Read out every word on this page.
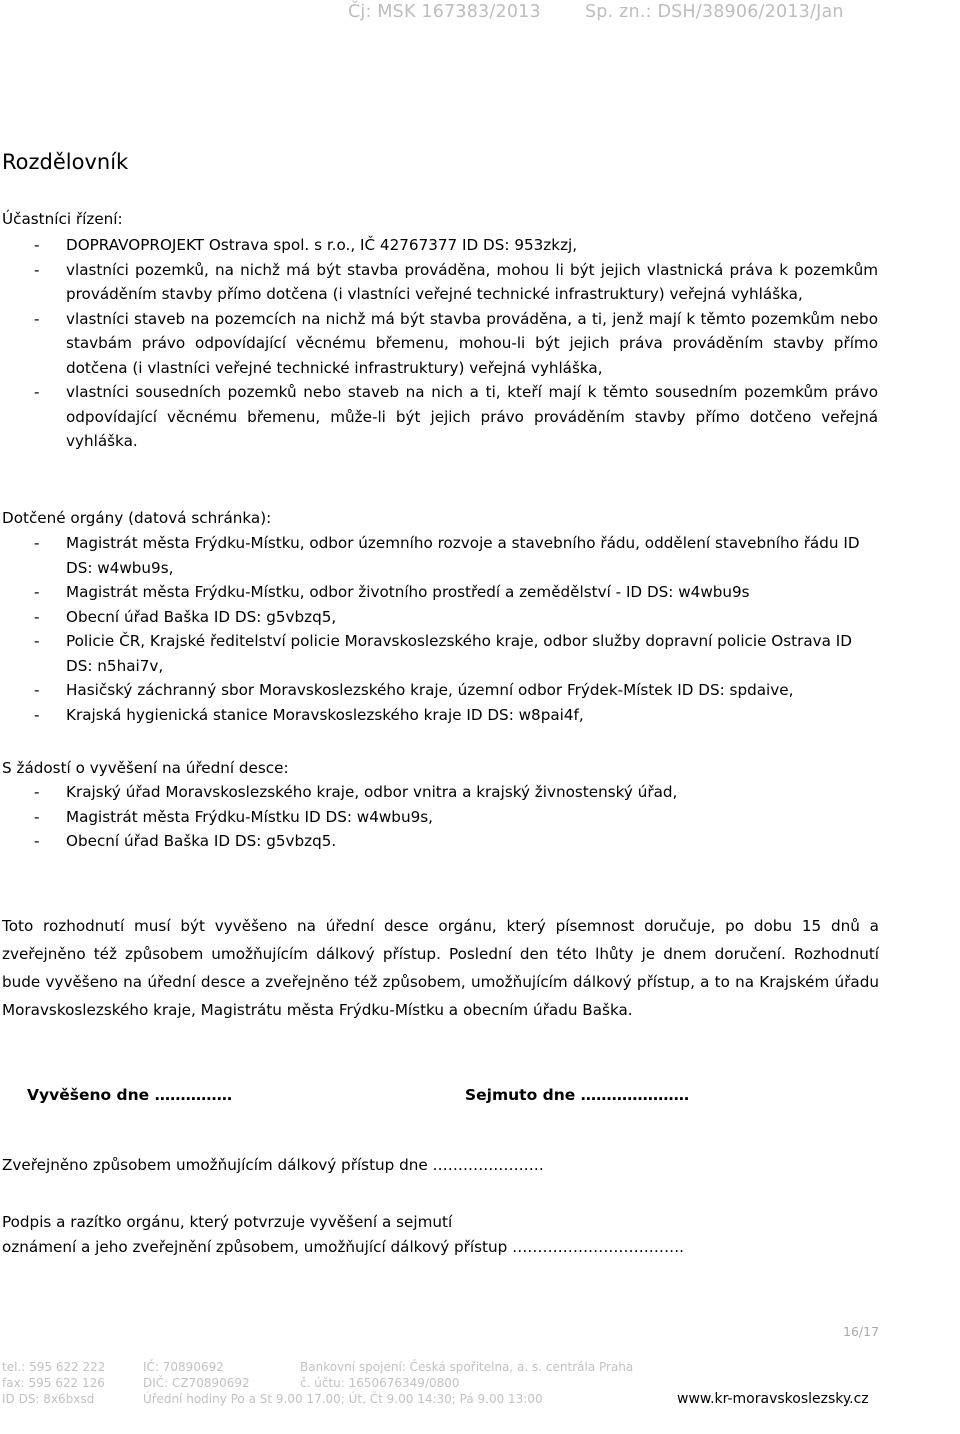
Čj: MSK 167383/2013	Sp. zn.: DSH/38906/2013/Jan
Rozdělovník

Účastníci řízení:

- DOPRAVOPROJEKT Ostrava spol. s r.o., IČ 42767377 ID DS: 953zkzj,
- vlastníci pozemků, na nichž má být stavba prováděna, mohou li být jejich vlastnická práva k pozemkům prováděním stavby přímo dotčena (i vlastníci veřejné technické infrastruktury) veřejná vyhláška,
- vlastníci staveb na pozemcích na nichž má být stavba prováděna, a ti, jenž mají k těmto pozemkům nebo stavbám právo odpovídající věcnému břemenu, mohou-li být jejich práva prováděním stavby přímo dotčena (i vlastníci veřejné technické infrastruktury) veřejná vyhláška,
- vlastníci sousedních pozemků nebo staveb na nich a ti, kteří mají k těmto sousedním pozemkům právo odpovídající věcnému břemenu, může-li být jejich právo prováděním stavby přímo dotčeno veřejná vyhláška.

Dotčené orgány (datová schránka):

- Magistrát města Frýdku-Místku, odbor územního rozvoje a stavebního řádu, oddělení stavebního řádu ID DS: w4wbu9s,
- Magistrát města Frýdku-Místku, odbor životního prostředí a zemědělství - ID DS: w4wbu9s
- Obecní úřad Baška ID DS: g5vbzq5,
- Policie ČR, Krajské ředitelství policie Moravskoslezského kraje, odbor služby dopravní policie Ostrava ID DS: n5hai7v,
- Hasičský záchranný sbor Moravskoslezského kraje, územní odbor Frýdek-Místek ID DS: spdaive,
- Krajská hygienická stanice Moravskoslezského kraje ID DS: w8pai4f,

S žádostí o vyvěšení na úřední desce:

- Krajský úřad Moravskoslezského kraje, odbor vnitra a krajský živnostenský úřad,
- Magistrát města Frýdku-Místku ID DS: w4wbu9s,
- Obecní úřad Baška ID DS: g5vbzq5.

Toto rozhodnutí musí být vyvěšeno na úřední desce orgánu, který písemnost doručuje, po dobu 15 dnů a zveřejněno též způsobem umožňujícím dálkový přístup. Poslední den této lhůty je dnem doručení. Rozhodnutí bude vyvěšeno na úřední desce a zveřejněno též způsobem, umožňujícím dálkový přístup, a to na Krajském úřadu Moravskoslezského kraje, Magistrátu města Frýdku-Místku a obecním úřadu Baška.

Vyvěšeno dne ……………	Sejmuto dne …………………
Zveřejněno způsobem umožňujícím dálkový přístup dne ………………….
Podpis a razítko orgánu, který potvrzuje vyvěšení a sejmutí
oznámení a jeho zveřejnění způsobem, umožňující dálkový přístup …………………………….
16/17
tel.: 595 622 222
fax: 595 622 126
ID DS: 8x6bxsd
IČ: 70890692
DIČ: CZ70890692
Úřední hodiny Po a St 9.00 17.00; Út, Čt 9.00 14:30; Pá 9.00 13:00
Bankovní spojení: Česká spořitelna, a. s. centrála Praha
č. účtu: 1650676349/0800
www.kr-moravskoslezsky.cz
